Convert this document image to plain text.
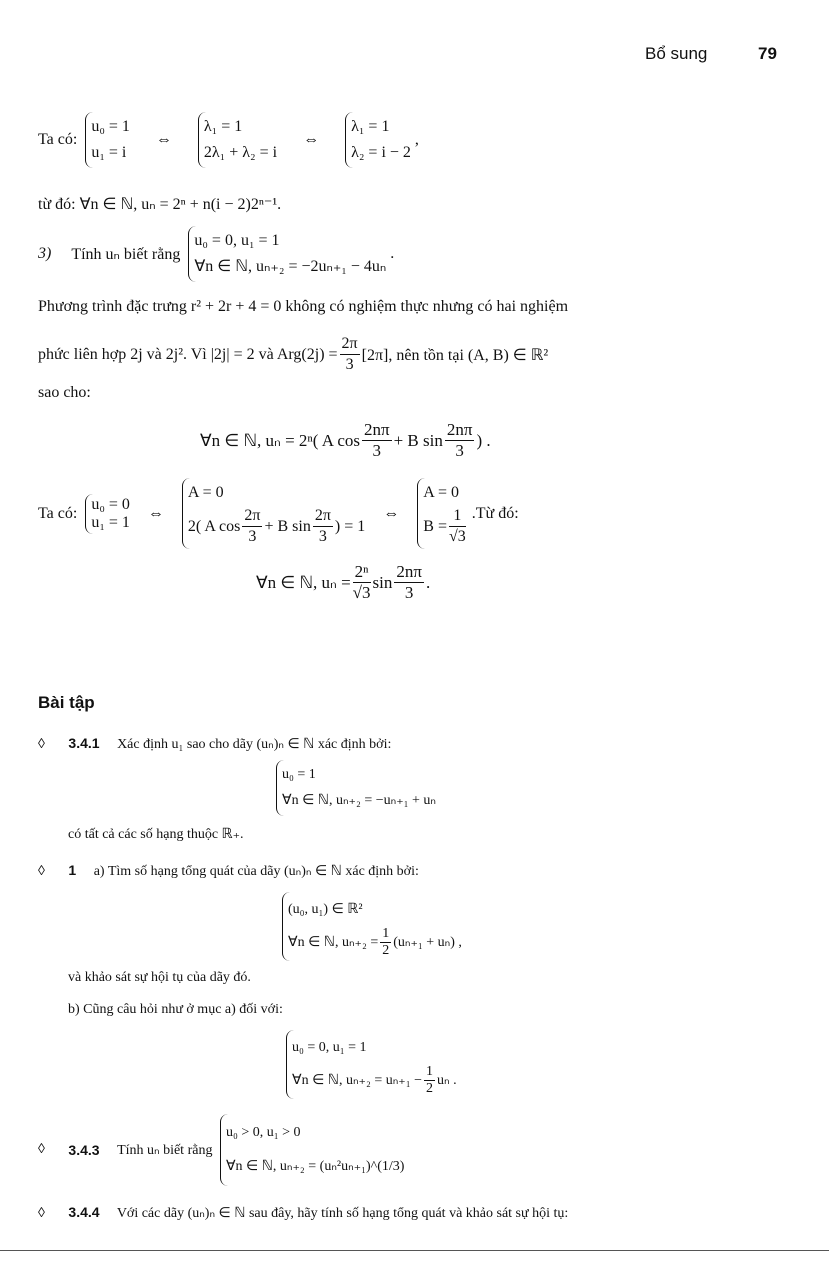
Bổ sung	79
Ta có:
u₀ = 1
u₁ = i
⇔
λ₁ = 1
2λ₁ + λ₂ = i
⇔
λ₁ = 1
λ₂ = i − 2
,
từ đó: ∀n ∈ ℕ, uₙ = 2ⁿ + n(i − 2)2ⁿ⁻¹.
3) Tính uₙ biết rằng
u₀ = 0, u₁ = 1
∀n ∈ ℕ, uₙ₊₂ = −2uₙ₊₁ − 4uₙ
.
Phương trình đặc trưng r² + 2r + 4 = 0 không có nghiệm thực nhưng có hai nghiệm
phức liên hợp 2j và 2j². Vì |2j| = 2 và $Arg(2j) = \frac{2\pi}{3} [2\pi]$, nên tồn tại (A, B) ∈ ℝ²
sao cho:
∀n ∈ ℕ, uₙ = 2ⁿ( A $\cos \frac{2n\pi}{3} + B$ $\sin \frac{2n\pi}{3}$ ) .
Ta có:
u₀ = 0
u₁ = 1
⇔
A = 0
2( A $\cos \frac{2\pi}{3} + B$ $\sin \frac{2\pi}{3}$ ) = 1
⇔
A = 0
$B = \frac{1}{√3}$ .Từ đó:
∀n ∈ ℕ, $u_n = \frac{\text{2ⁿ}}{√3}$ $\sin \frac{2n\pi}{3}$ .
Bài tập
◊ 3.4.1 Xác định u₁ sao cho dãy (uₙ)ₙ ∈ ℕ xác định bởi:
u₀ = 1
∀n ∈ ℕ, uₙ₊₂ = −uₙ₊₁ + uₙ
có tất cả các số hạng thuộc ℝ₊.
◊ 1 a) Tìm số hạng tổng quát của dãy (uₙ)ₙ ∈ ℕ xác định bởi:
(u₀, u₁) ∈ ℝ²
∀n ∈ ℕ, $u_{n+2} = \frac{1}{2} (u_{n+1} + u_n)$ ,
và khảo sát sự hội tụ của dãy đó.
b) Cũng câu hỏi như ở mục a) đối với:
u₀ = 0, u₁ = 1
∀n ∈ ℕ, $u_{n+2} = u_{n+1} - \frac{1}{2}$ uₙ .
◊ 3.4.3 Tính uₙ biết rằng
u₀ > 0, u₁ > 0
∀n ∈ ℕ, uₙ₊₂ = (uₙ²uₙ₊₁)^(1/3)
◊ 3.4.4 Với các dãy (uₙ)ₙ ∈ ℕ sau đây, hãy tính số hạng tổng quát và khảo sát sự hội tụ:
